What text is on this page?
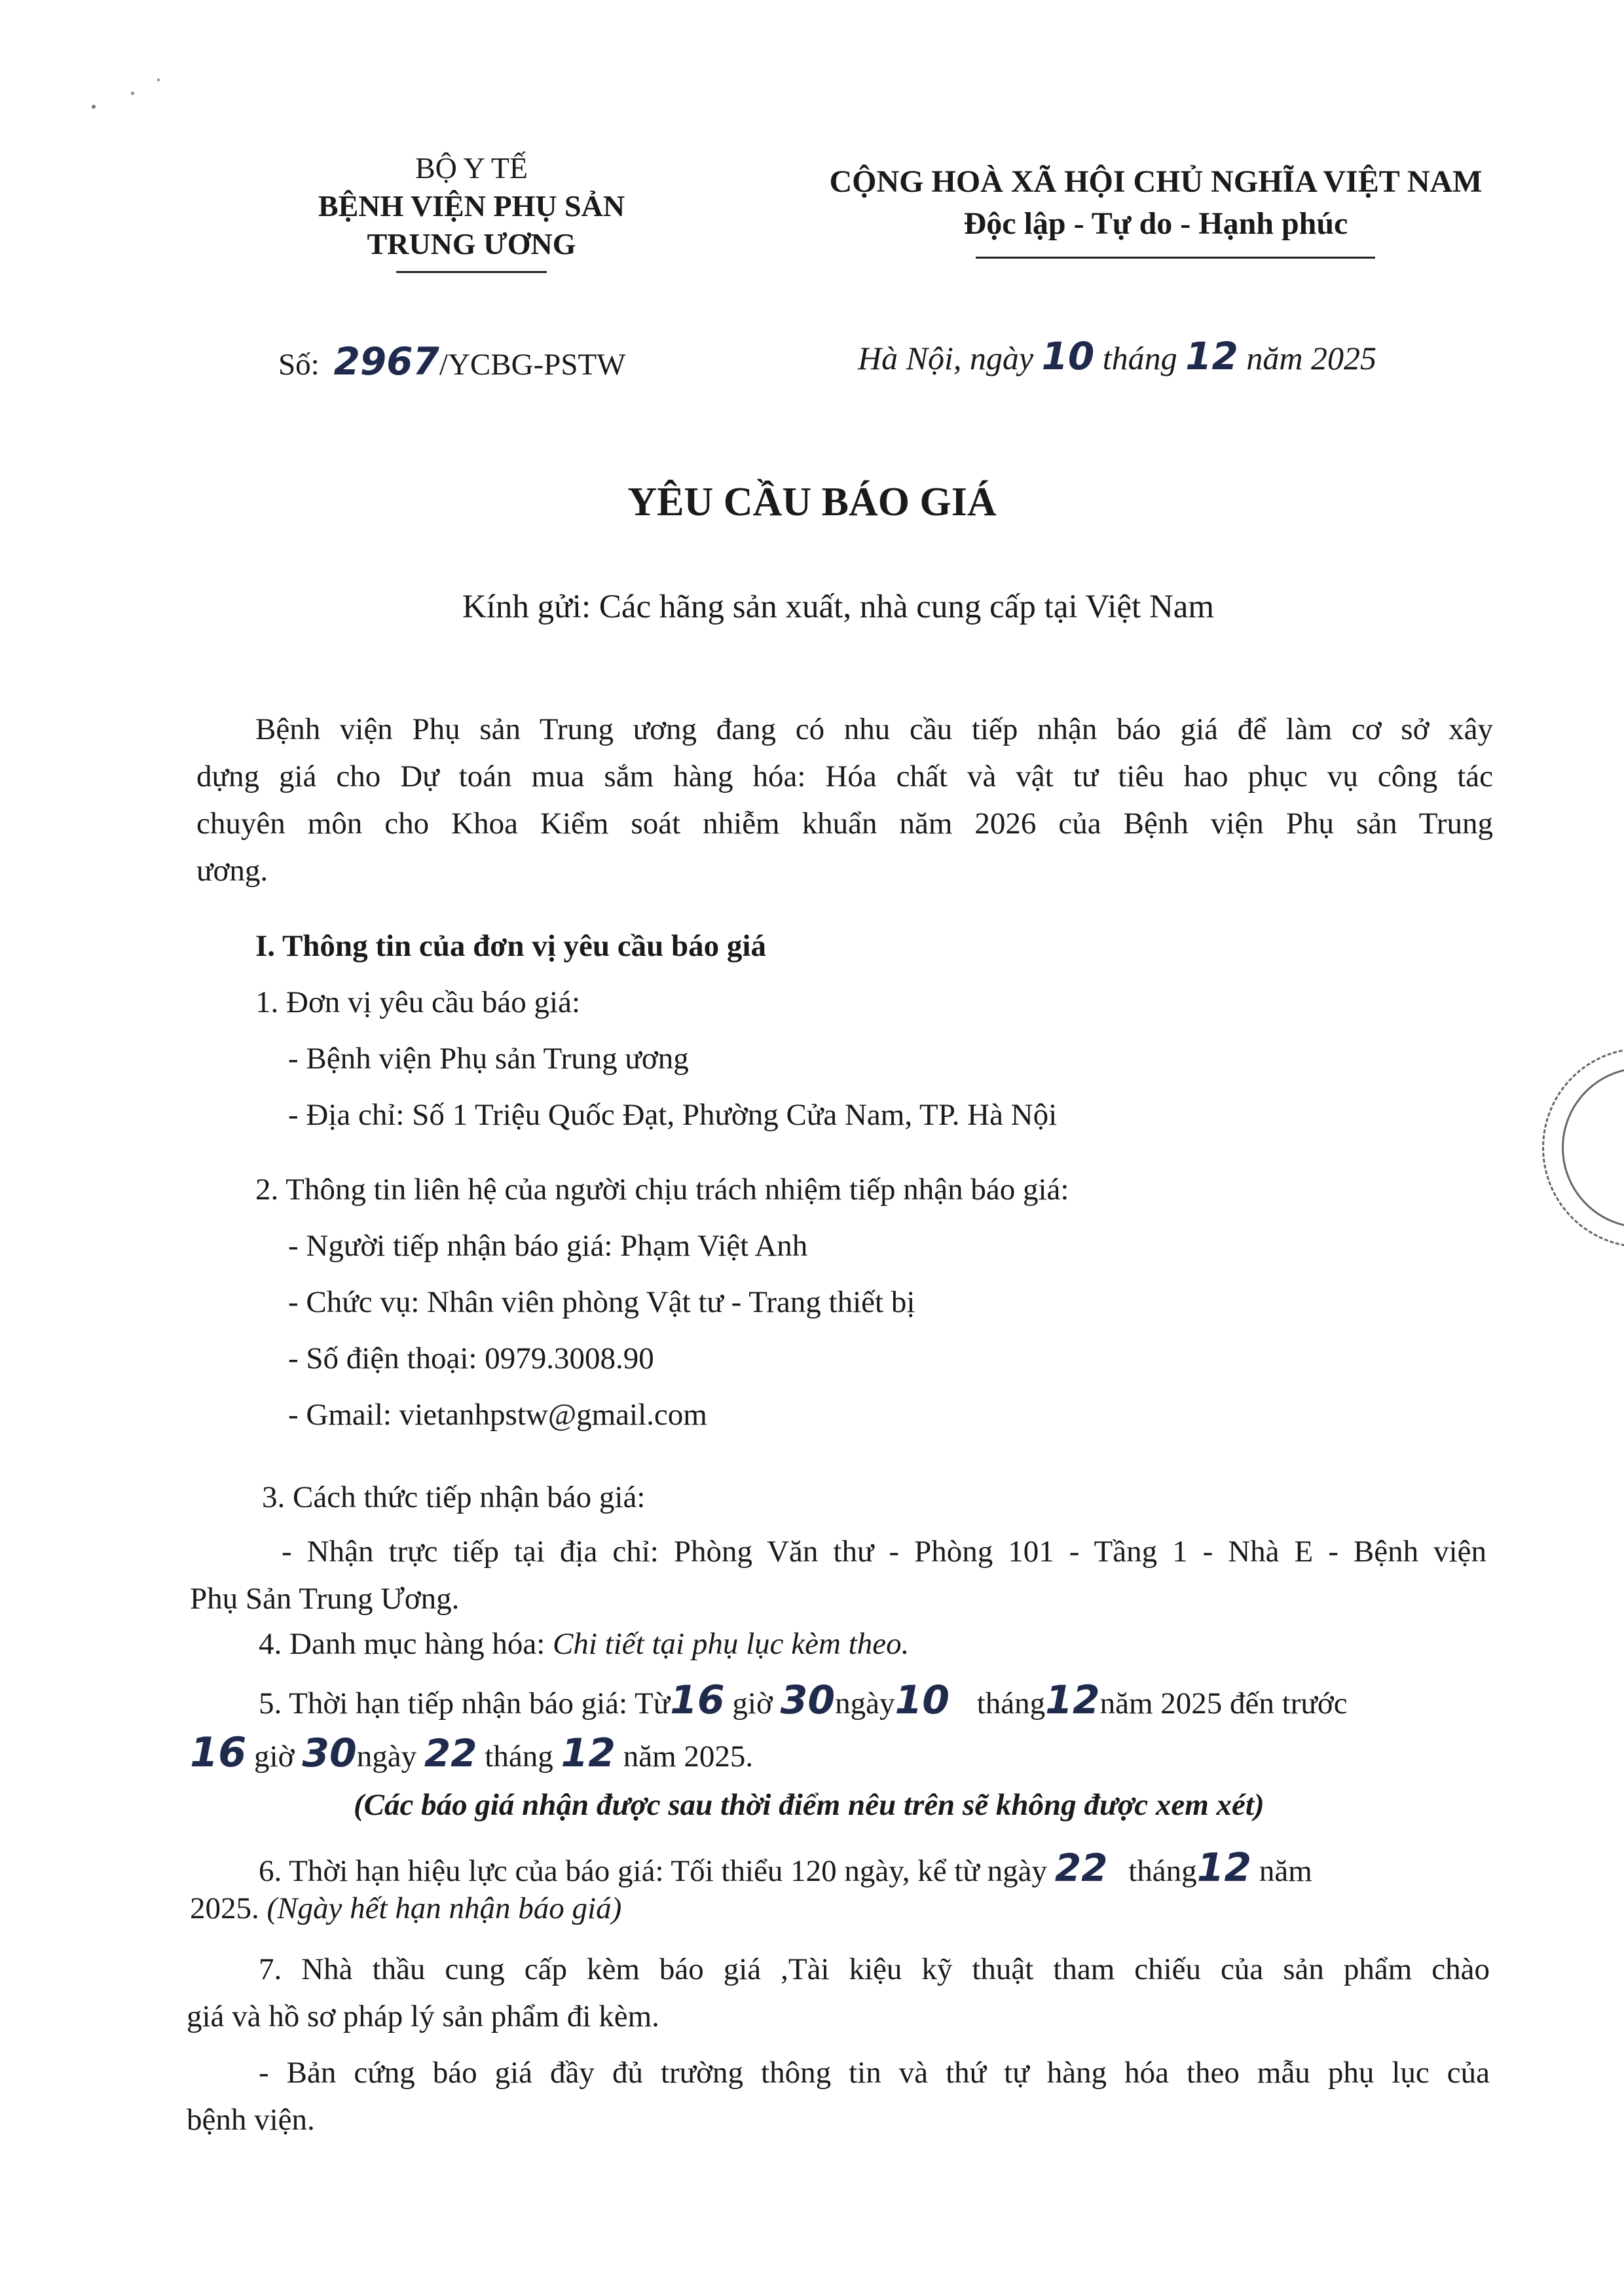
BỘ Y TẾ
BỆNH VIỆN PHỤ SẢN
TRUNG ƯƠNG
CỘNG HOÀ XÃ HỘI CHỦ NGHĨA VIỆT NAM
Độc lập - Tự do - Hạnh phúc
Số: 2967/YCBG-PSTW	Hà Nội, ngày 10 tháng 12 năm 2025
YÊU CẦU BÁO GIÁ
Kính gửi: Các hãng sản xuất, nhà cung cấp tại Việt Nam
Bệnh viện Phụ sản Trung ương đang có nhu cầu tiếp nhận báo giá để làm cơ sở xây
dựng giá cho Dự toán mua sắm hàng hóa: Hóa chất và vật tư tiêu hao phục vụ công tác
chuyên môn cho Khoa Kiểm soát nhiễm khuẩn năm 2026 của Bệnh viện Phụ sản Trung
ương.
I. Thông tin của đơn vị yêu cầu báo giá
1. Đơn vị yêu cầu báo giá:
- Bệnh viện Phụ sản Trung ương
- Địa chỉ: Số 1 Triệu Quốc Đạt, Phường Cửa Nam, TP. Hà Nội
2. Thông tin liên hệ của người chịu trách nhiệm tiếp nhận báo giá:
- Người tiếp nhận báo giá: Phạm Việt Anh
- Chức vụ: Nhân viên phòng Vật tư - Trang thiết bị
- Số điện thoại: 0979.3008.90
- Gmail: vietanhpstw@gmail.com
3. Cách thức tiếp nhận báo giá:
- Nhận trực tiếp tại địa chỉ: Phòng Văn thư - Phòng 101 - Tầng 1 - Nhà E - Bệnh viện
Phụ Sản Trung Ương.
4. Danh mục hàng hóa: Chi tiết tại phụ lục kèm theo.
5. Thời hạn tiếp nhận báo giá: Từ16 giờ 30ngày10 tháng12năm 2025 đến trước
16 giờ 30ngày 22 tháng 12 năm 2025.
(Các báo giá nhận được sau thời điểm nêu trên sẽ không được xem xét)
6. Thời hạn hiệu lực của báo giá: Tối thiểu 120 ngày, kể từ ngày 22 tháng12 năm
2025. (Ngày hết hạn nhận báo giá)
7. Nhà thầu cung cấp kèm báo giá ,Tài kiệu kỹ thuật tham chiếu của sản phẩm chào
giá và hồ sơ pháp lý sản phẩm đi kèm.
- Bản cứng báo giá đầy đủ trường thông tin và thứ tự hàng hóa theo mẫu phụ lục của
bệnh viện.
